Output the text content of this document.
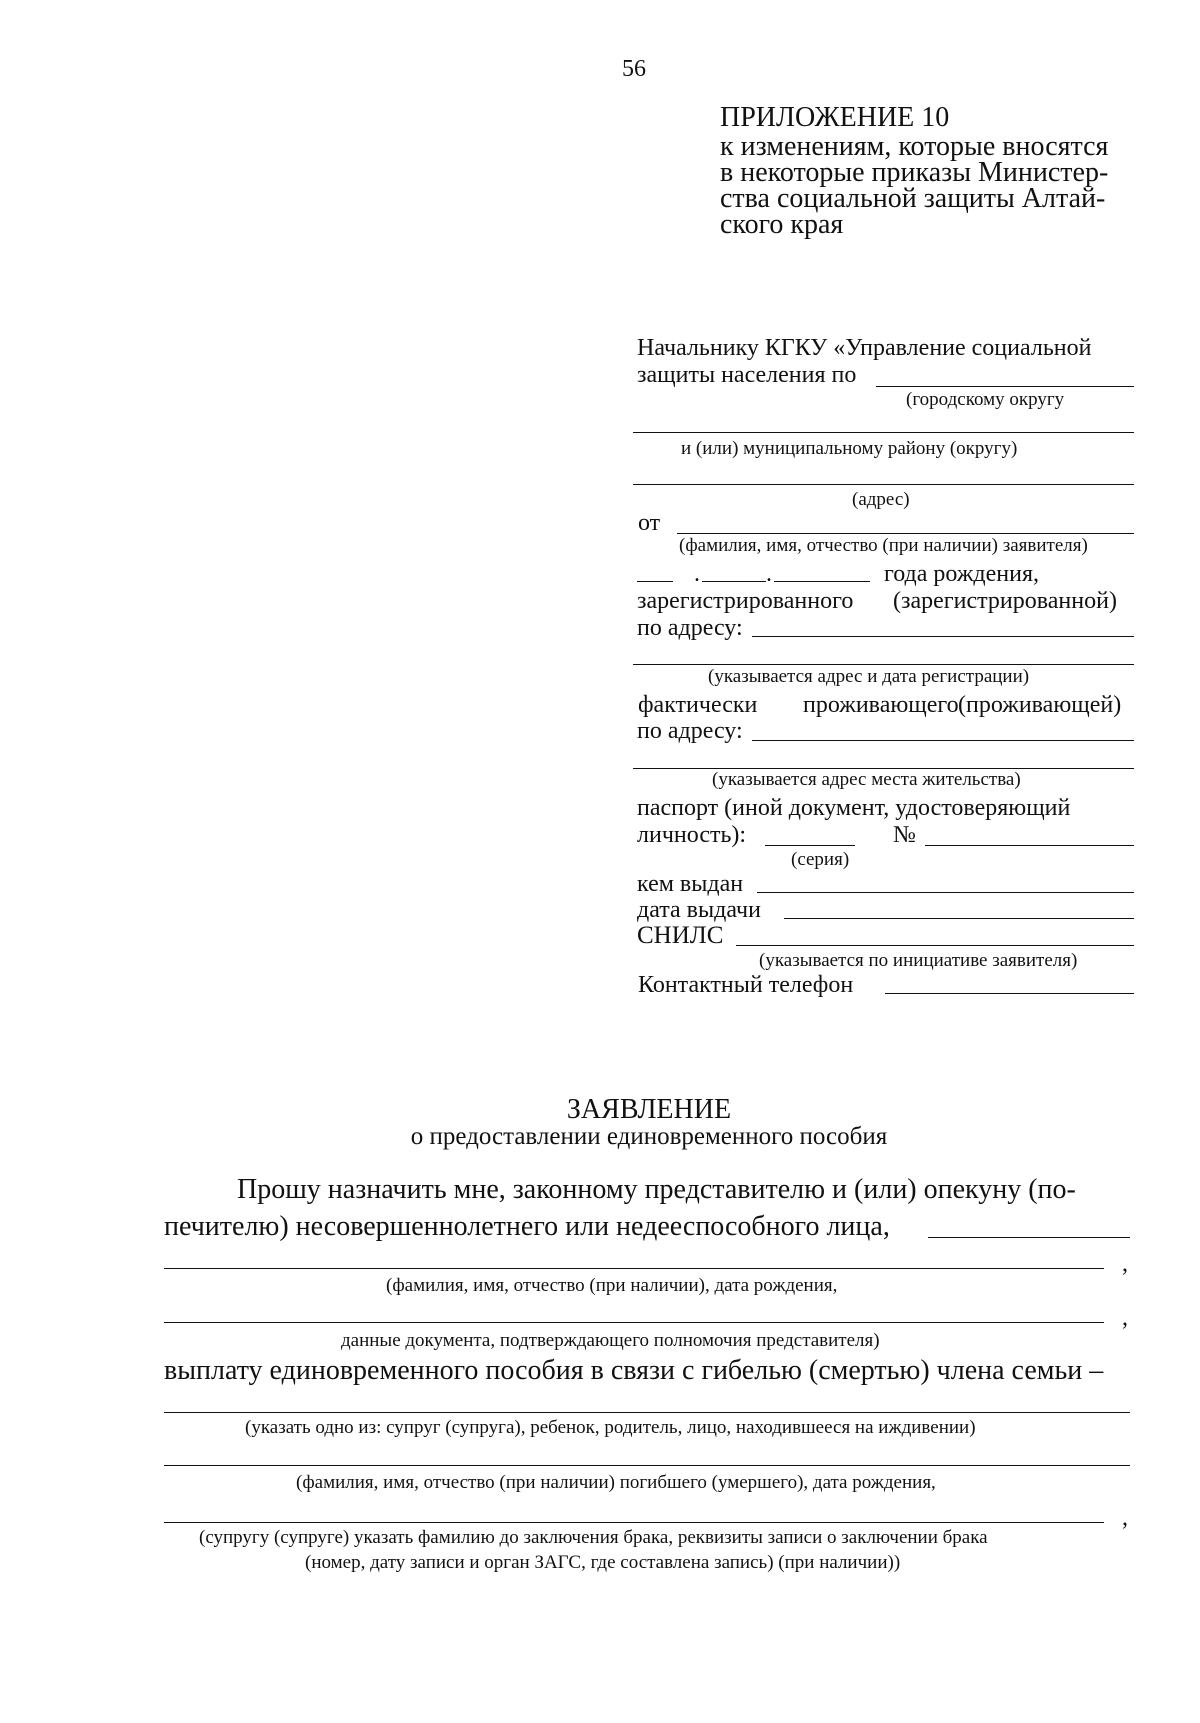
56
ПРИЛОЖЕНИЕ 10
к изменениям, которые вносятся
в некоторые приказы Министер-
ства социальной защиты Алтай-
ского края
Начальнику КГКУ «Управление социальной
защиты населения по
(городскому округу
и (или) муниципальному району (округу)
(адрес)
от
(фамилия, имя, отчество (при наличии) заявителя)
.	.	года рождения,
зарегистрированного (зарегистрированной)
по адресу:
(указывается адрес и дата регистрации)
фактически проживающего (проживающей)
по адресу:
(указывается адрес места жительства)
паспорт (иной документ, удостоверяющий
личность):	№
(серия)
кем выдан
дата выдачи
СНИЛС
(указывается по инициативе заявителя)
Контактный телефон
ЗАЯВЛЕНИЕ
о предоставлении единовременного пособия
Прошу назначить мне, законному представителю и (или) опекуну (по-
печителю) несовершеннолетнего или недееспособного лица,
,
(фамилия, имя, отчество (при наличии), дата рождения,
,
данные документа, подтверждающего полномочия представителя)
выплату единовременного пособия в связи с гибелью (смертью) члена семьи –
(указать одно из: супруг (супруга), ребенок, родитель, лицо, находившееся на иждивении)
(фамилия, имя, отчество (при наличии) погибшего (умершего), дата рождения,
,
(супругу (супруге) указать фамилию до заключения брака, реквизиты записи о заключении брака
(номер, дату записи и орган ЗАГС, где составлена запись) (при наличии))
